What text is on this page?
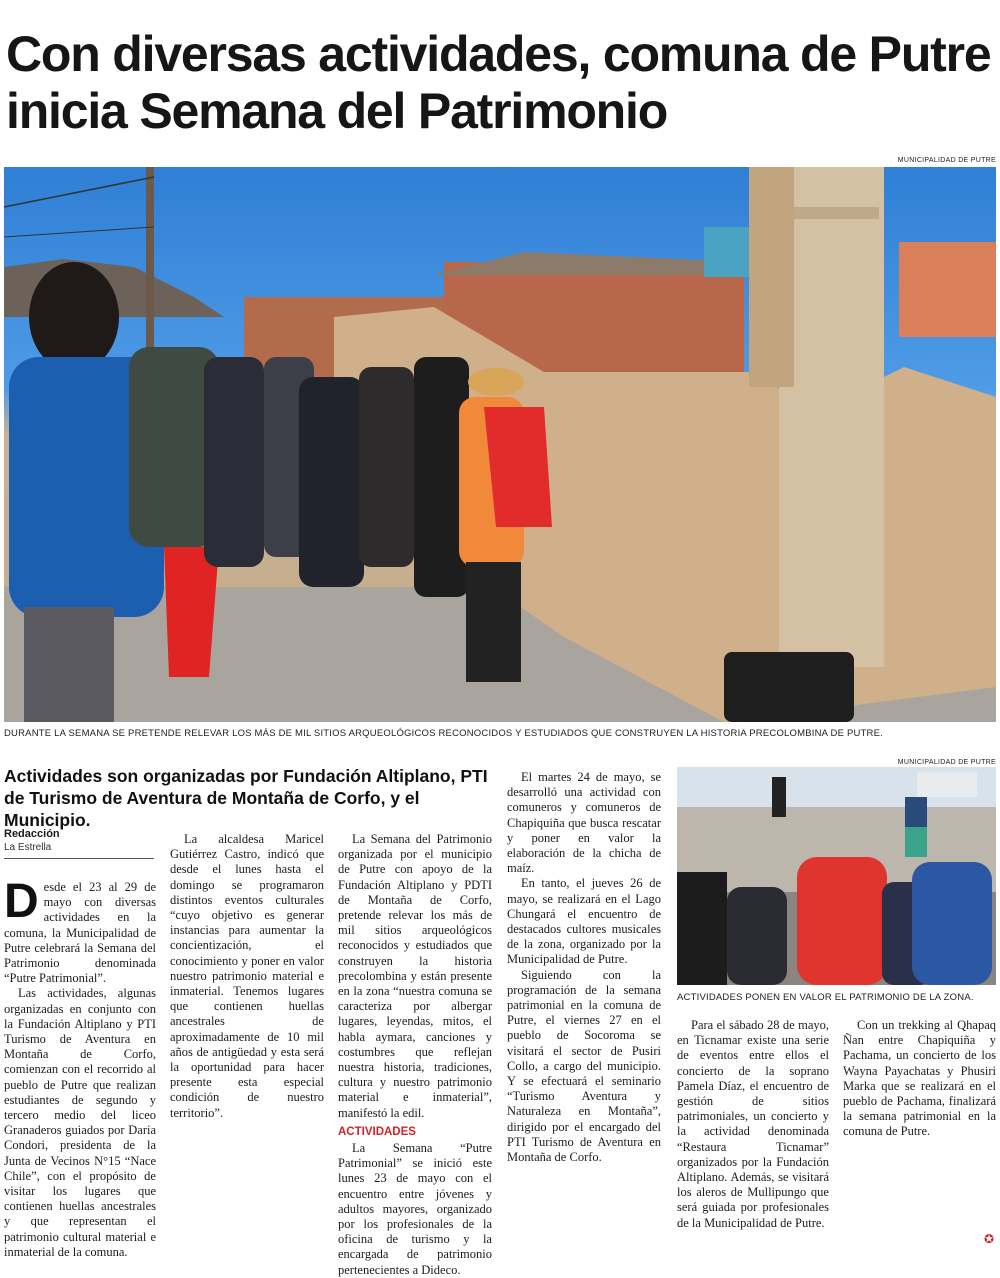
Con diversas actividades, comuna de Putre inicia Semana del Patrimonio
MUNICIPALIDAD DE PUTRE
DURANTE LA SEMANA SE PRETENDE RELEVAR LOS MÁS DE MIL SITIOS ARQUEOLÓGICOS RECONOCIDOS Y ESTUDIADOS QUE CONSTRUYEN LA HISTORIA PRECOLOMBINA DE PUTRE.
Actividades son organizadas por Fundación Altiplano, PTI de Turismo de Aventura de Montaña de Corfo, y el Municipio.
Redacción
La Estrella

Desde el 23 al 29 de mayo con diversas actividades en la comuna, la Municipalidad de Putre celebrará la Semana del Patrimonio denominada “Putre Patrimonial”.

Las actividades, algunas organizadas en conjunto con la Fundación Altiplano y PTI Turismo de Aventura en Montaña de Corfo, comienzan con el recorrido al pueblo de Putre que realizan estudiantes de segundo y tercero medio del liceo Granaderos guiados por Daria Condori, presidenta de la Junta de Vecinos N°15 “Nace Chile”, con el propósito de visitar los lugares que contienen huellas ancestrales y que representan el patrimonio cultural material e inmaterial de la comuna.

La alcaldesa Maricel Gutiérrez Castro, indicó que desde el lunes hasta el domingo se programaron distintos eventos culturales “cuyo objetivo es generar instancias para aumentar la concientización, el conocimiento y poner en valor nuestro patrimonio material e inmaterial. Tenemos lugares que contienen huellas ancestrales de aproximadamente de 10 mil años de antigüedad y esta será la oportunidad para hacer presente esta especial condición de nuestro territorio”.

La Semana del Patrimonio organizada por el municipio de Putre con apoyo de la Fundación Altiplano y PDTI de Montaña de Corfo, pretende relevar los más de mil sitios arqueológicos reconocidos y estudiados que construyen la historia precolombina y están presente en la zona “nuestra comuna se caracteriza por albergar lugares, leyendas, mitos, el habla aymara, canciones y costumbres que reflejan nuestra historia, tradiciones, cultura y nuestro patrimonio material e inmaterial”, manifestó la edil.

ACTIVIDADES

La Semana “Putre Patrimonial” se inició este lunes 23 de mayo con el encuentro entre jóvenes y adultos mayores, organizado por los profesionales de la oficina de turismo y la encargada de patrimonio pertenecientes a Dideco.

El martes 24 de mayo, se desarrolló una actividad con comuneros y comuneros de Chapiquiña que busca rescatar y poner en valor la elaboración de la chicha de maíz.

En tanto, el jueves 26 de mayo, se realizará en el Lago Chungará el encuentro de destacados cultores musicales de la zona, organizado por la Municipalidad de Putre.

Siguiendo con la programación de la semana patrimonial en la comuna de Putre, el viernes 27 en el pueblo de Socoroma se visitará el sector de Pusiri Collo, a cargo del municipio. Y se efectuará el seminario “Turismo Aventura y Naturaleza en Montaña”, dirigido por el encargado del PTI Turismo de Aventura en Montaña de Corfo.

MUNICIPALIDAD DE PUTRE
ACTIVIDADES PONEN EN VALOR EL PATRIMONIO DE LA ZONA.

Para el sábado 28 de mayo, en Ticnamar existe una serie de eventos entre ellos el concierto de la soprano Pamela Díaz, el encuentro de gestión de sitios patrimoniales, un concierto y la actividad denominada “Restaura Ticnamar” organizados por la Fundación Altiplano. Además, se visitará los aleros de Mullipungo que será guiada por profesionales de la Municipalidad de Putre.

Con un trekking al Qhapaq Ñan entre Chapiquiña y Pachama, un concierto de los Wayna Payachatas y Phusiri Marka que se realizará en el pueblo de Pachama, finalizará la semana patrimonial en la comuna de Putre.

✪
